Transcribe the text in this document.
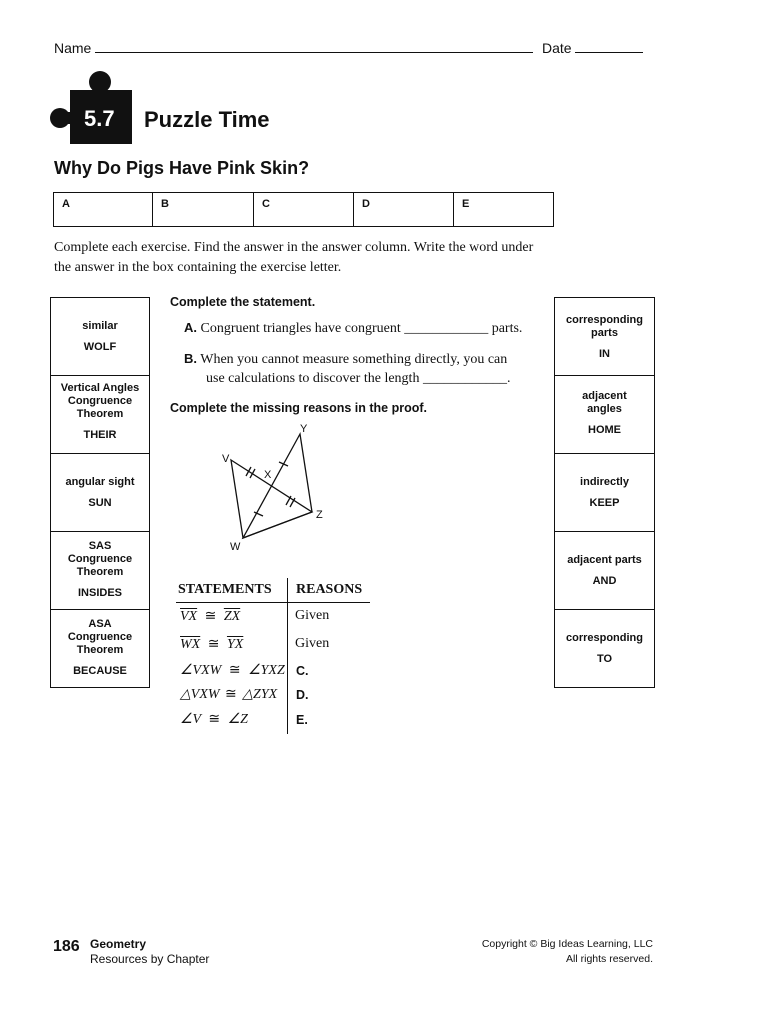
Name	Date
5.7 Puzzle Time
Why Do Pigs Have Pink Skin?
A	B	C	D	E
Complete each exercise. Find the answer in the answer column. Write the word under
the answer in the box containing the exercise letter.
similar
WOLF
Vertical Angles
Congruence
Theorem
THEIR
angular sight
SUN
SAS
Congruence
Theorem
INSIDES
ASA
Congruence
Theorem
BECAUSE
corresponding
parts
IN
adjacent
angles
HOME
indirectly
KEEP
adjacent parts
AND
corresponding
TO
Complete the statement.
A. Congruent triangles have congruent ____________ parts.
B. When you cannot measure something directly, you can
use calculations to discover the length ____________.
Complete the missing reasons in the proof.
V
Y
X
Z
W
STATEMENTS REASONS
$\overline{VX}$ ≅ $\overline{ZX}$	Given
$\overline{WX}$ ≅ $\overline{YX}$	Given
∠VXW ≅ ∠YXZ C.
△VXW ≅ △ZYX D.
∠V ≅ ∠Z	E.
186 Geometry
Resources by Chapter
Copyright © Big Ideas Learning, LLC
All rights reserved.
